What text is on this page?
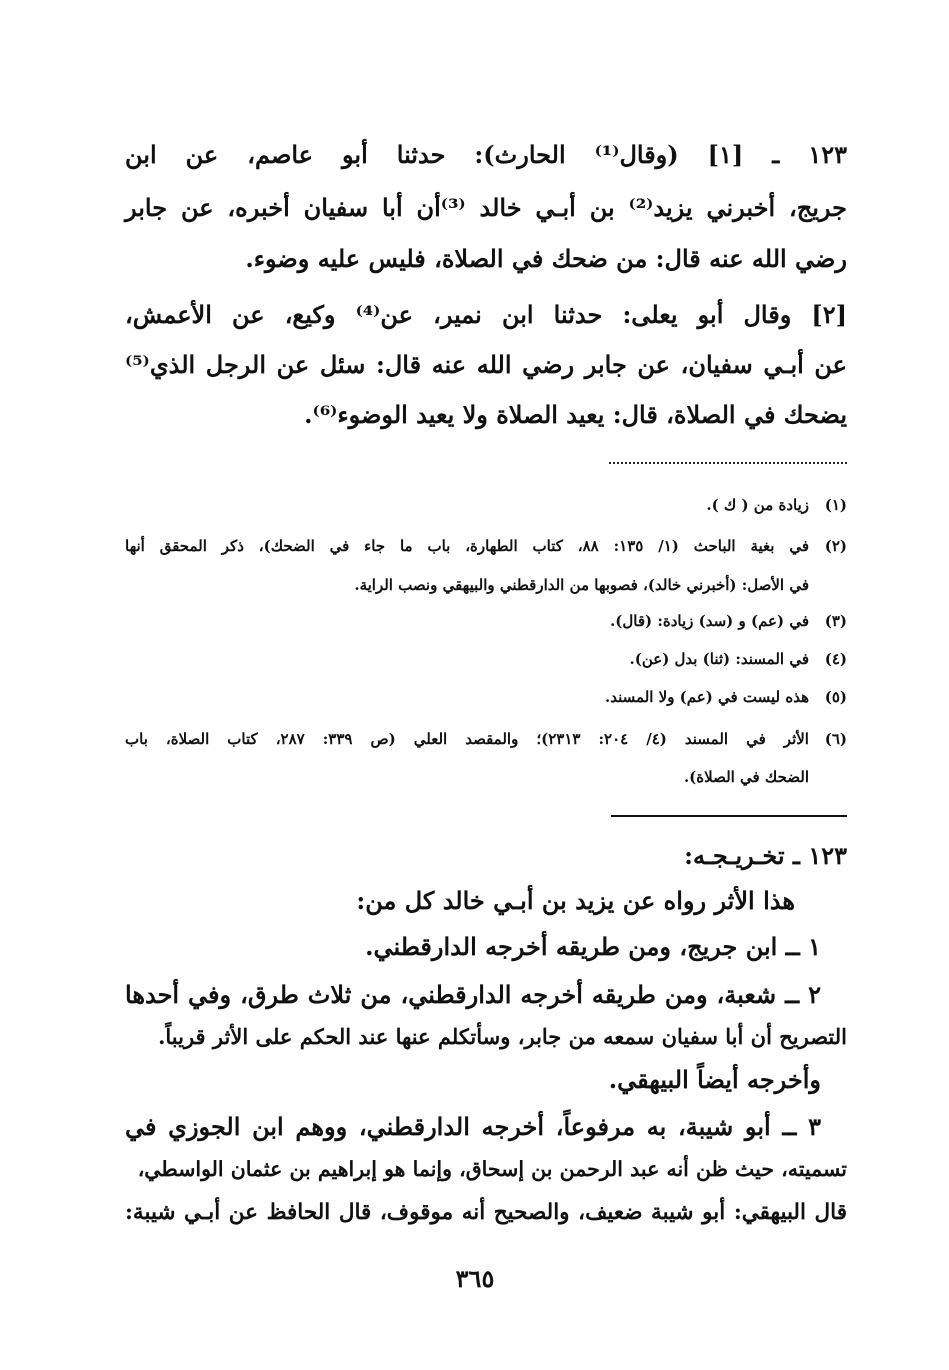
١٢٣ ـ [١] (وقال⁽¹⁾ الحارث): حدثنا أبو عاصم، عن ابن
جريج، أخبرني يزيد⁽²⁾ بن أبـي خالد ⁽³⁾أن أبا سفيان أخبره، عن جابر
رضي الله عنه قال: من ضحك في الصلاة، فليس عليه وضوء.
[٢] وقال أبو يعلى: حدثنا ابن نمير، عن⁽⁴⁾ وكيع، عن الأعمش،
عن أبـي سفيان، عن جابر رضي الله عنه قال: سئل عن الرجل الذي⁽⁵⁾
يضحك في الصلاة، قال: يعيد الصلاة ولا يعيد الوضوء⁽⁶⁾.
(١)زيادة من ( ك ).
(٢)في بغية الباحث (١/ ١٣٥: ٨٨، كتاب الطهارة، باب ما جاء في الضحك)، ذكر المحقق أنها
في الأصل: (أخبرني خالد)، فصوبها من الدارقطني والبيهقي ونصب الراية.
(٣)في (عم) و (سد) زيادة: (قال).
(٤)في المسند: (ثنا) بدل (عن).
(٥)هذه ليست في (عم) ولا المسند.
(٦)الأثر في المسند (٤/ ٢٠٤: ٢٣١٣)؛ والمقصد العلي (ص ٣٣٩: ٢٨٧، كتاب الصلاة، باب
الضحك في الصلاة).
١٢٣ ـ تخـريـجـه:
هذا الأثر رواه عن يزيد بن أبـي خالد كل من:
١ ــ ابن جريج، ومن طريقه أخرجه الدارقطني.
٢ ــ شعبة، ومن طريقه أخرجه الدارقطني، من ثلاث طرق، وفي أحدها
التصريح أن أبا سفيان سمعه من جابر، وسأتكلم عنها عند الحكم على الأثر قريباً.
وأخرجه أيضاً البيهقي.
٣ ــ أبو شيبة، به مرفوعاً، أخرجه الدارقطني، ووهم ابن الجوزي في
تسميته، حيث ظن أنه عبد الرحمن بن إسحاق، وإنما هو إبراهيم بن عثمان الواسطي،
قال البيهقي: أبو شيبة ضعيف، والصحيح أنه موقوف، قال الحافظ عن أبـي شيبة:
٣٦٥
